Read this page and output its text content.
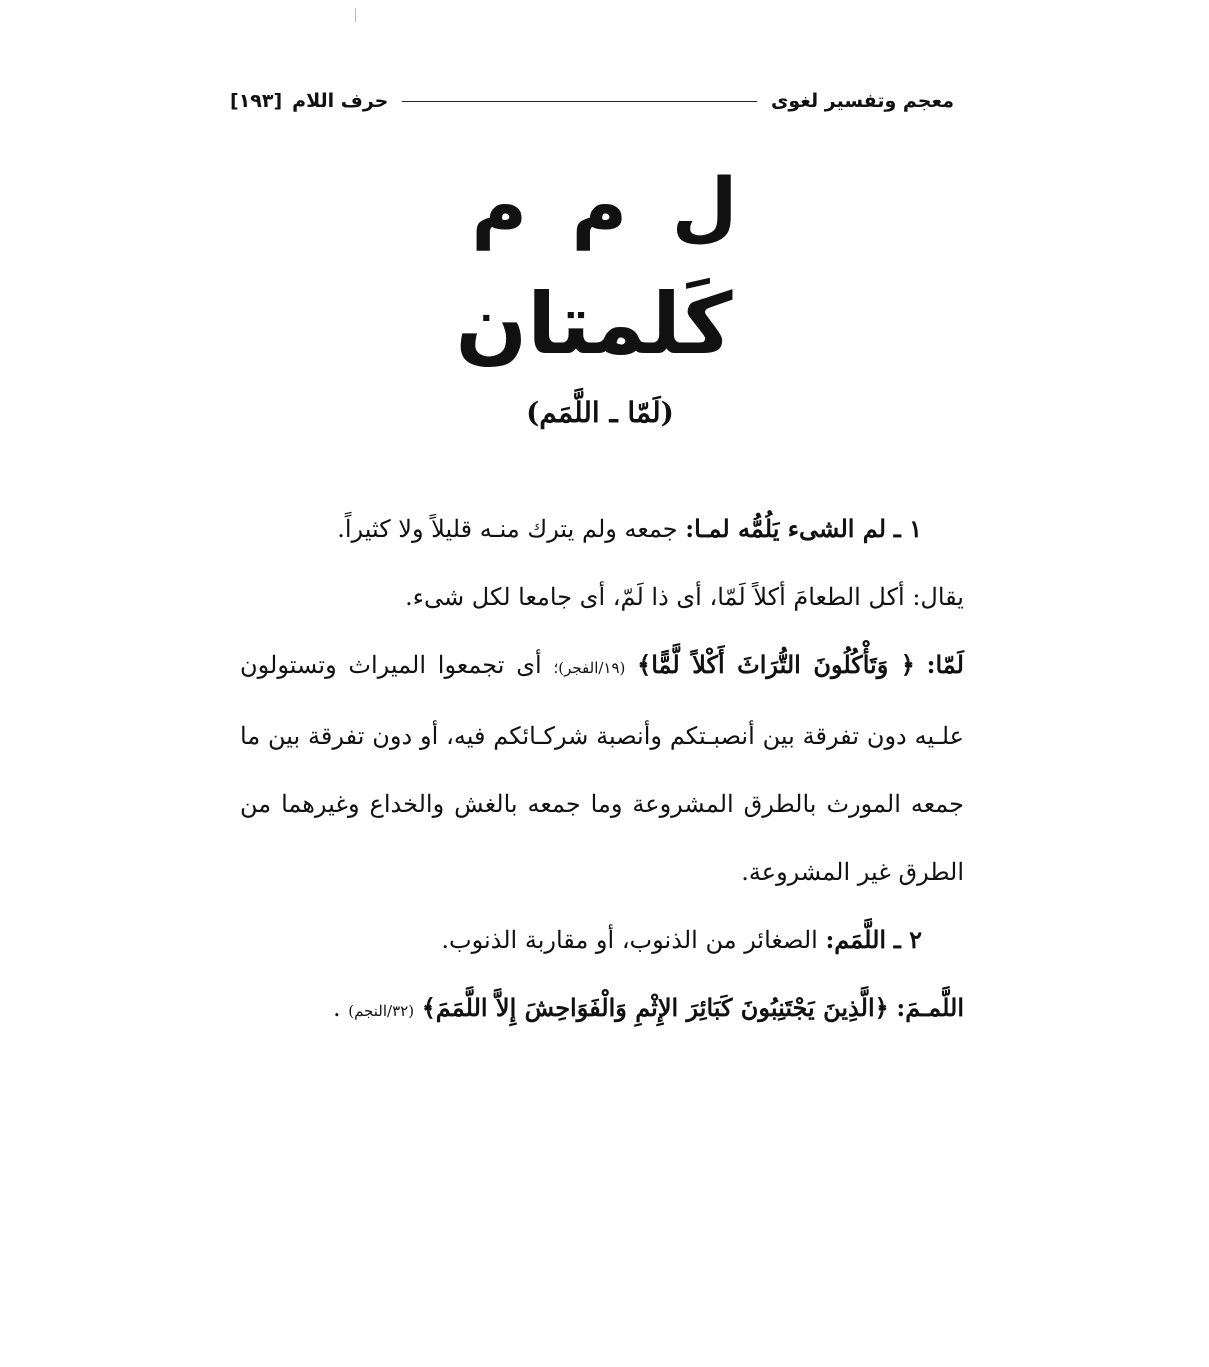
معجم وتفسير لغوى
حرف اللام
[١٩٣]
ل م م
كَلمتان
(لَمّا ـ اللَّمَم)

١ ـ لم الشىء يَلُمُّه لمـا: جمعه ولم يترك منـه قليلاً ولا كثيراً.

يقال: أكل الطعامَ أكلاً لَمّا، أى ذا لَمّ، أى جامعا لكل شىء.

لَمّا: ﴿ وَتَأْكُلُونَ التُّرَاثَ أَكْلاً لَّمًّا﴾ (١٩/الفجر)؛ أى تجمعوا الميراث وتستولون علـيه دون تفرقة بين أنصبـتكم وأنصبة شركـائكم فيه، أو دون تفرقة بين ما جمعه المورث بالطرق المشروعة وما جمعه بالغش والخداع وغيرهما من الطرق غير المشروعة.

٢ ـ اللَّمَم: الصغائر من الذنوب، أو مقاربة الذنوب.

اللَّمـمَ: ﴿الَّذِينَ يَجْتَنِبُونَ كَبَائِرَ الإِثْمِ وَالْفَوَاحِشَ إِلاَّ اللَّمَمَ﴾ (٣٢/النجم) .
